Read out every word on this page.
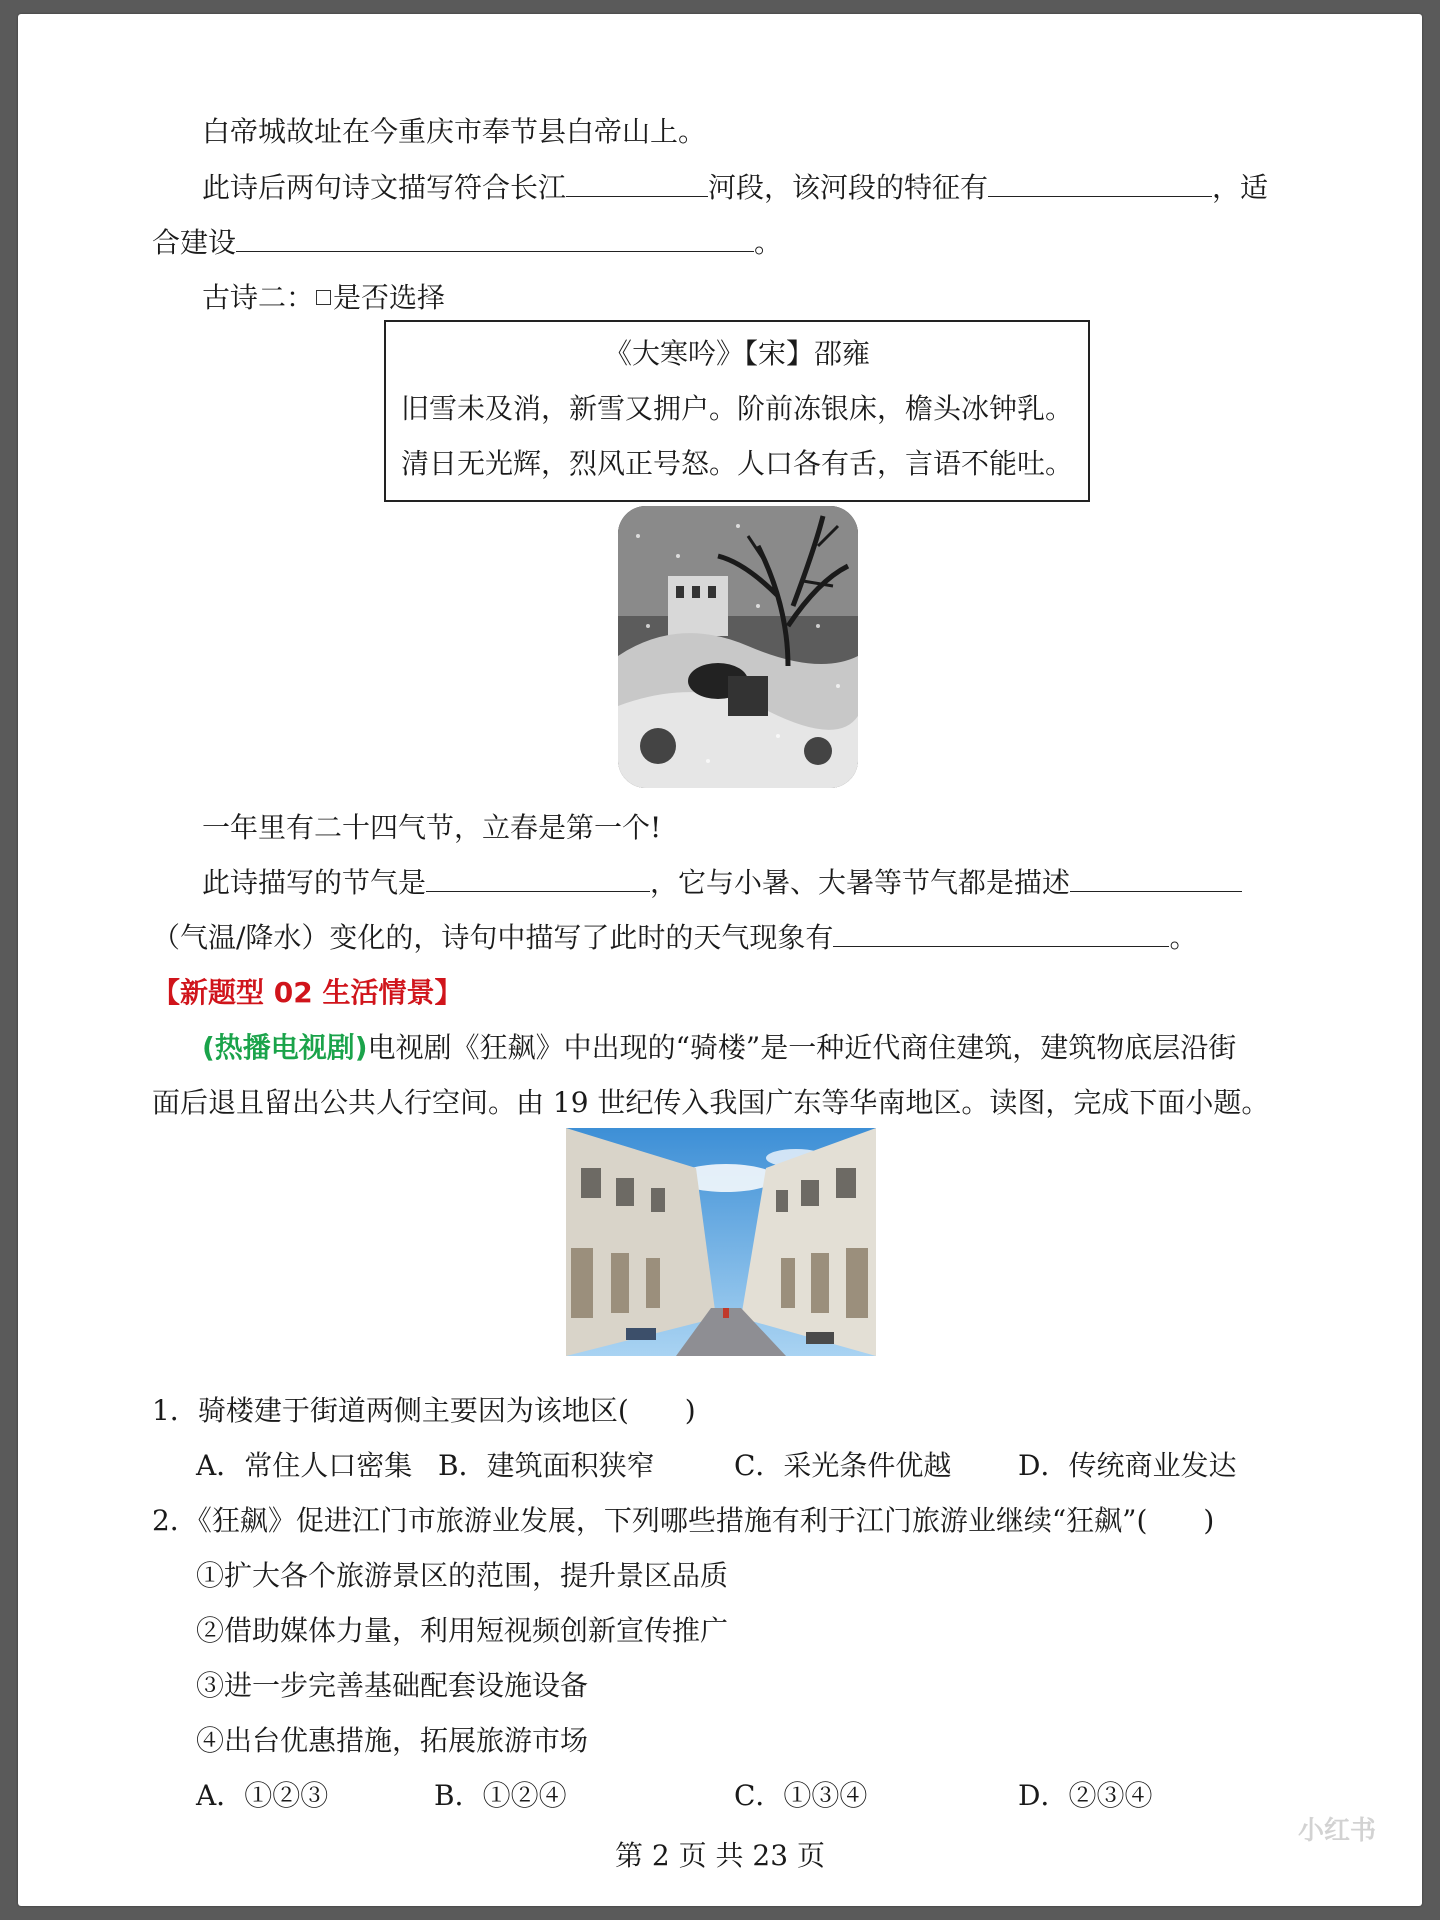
白帝城故址在今重庆市奉节县白帝山上。
此诗后两句诗文描写符合长江	河段，该河段的特征有	，适
合建设	。
古诗二： 是否选择
《大寒吟》【宋】邵雍
旧雪未及消，新雪又拥户。阶前冻银床，檐头冰钟乳。
清日无光辉，烈风正号怒。人口各有舌，言语不能吐。
一年里有二十四气节，立春是第一个!
此诗描写的节气是	，它与小暑、大暑等节气都是描述
（气温/降水）变化的，诗句中描写了此时的天气现象有	。
【新题型 02 生活情景】
(热播电视剧)电视剧《狂飙》中出现的“骑楼”是一种近代商住建筑，建筑物底层沿街
面后退且留出公共人行空间。由 19 世纪传入我国广东等华南地区。读图，完成下面小题。
1．骑楼建于街道两侧主要因为该地区(　　)
A．常住人口密集 B．建筑面积狭窄	C．采光条件优越 D．传统商业发达
2．《狂飙》促进江门市旅游业发展，下列哪些措施有利于江门旅游业继续“狂飙”(　　)
①扩大各个旅游景区的范围，提升景区品质
②借助媒体力量，利用短视频创新宣传推广
③进一步完善基础配套设施设备
④出台优惠措施，拓展旅游市场
A．①②③	B．①②④	C．①③④	D．②③④
第 2 页 共 23 页
小红书
